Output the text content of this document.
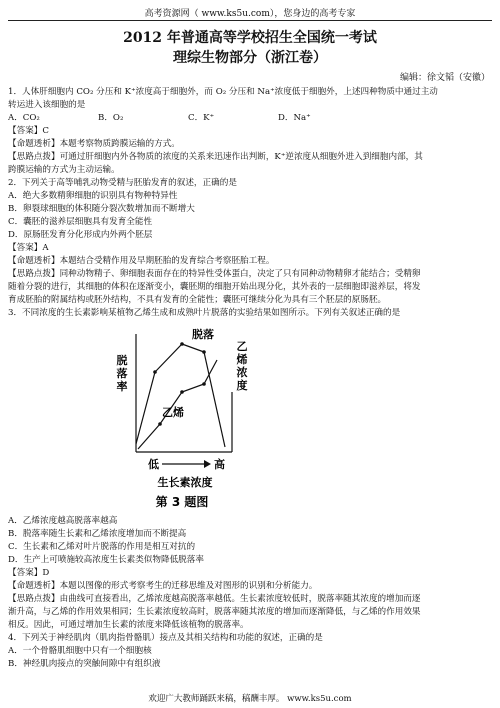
高考资源网（ www.ks5u.com），您身边的高考专家
2012 年普通高等学校招生全国统一考试
理综生物部分（浙江卷）
编辑：徐文韬（安徽）
1．人体肝细胞内 CO₂ 分压和 K⁺浓度高于细胞外，而 O₂ 分压和 Na⁺浓度低于细胞外，上述四种物质中通过主动
转运进入该细胞的是
A．CO₂	B．O₂	C．K⁺	D．Na⁺
【答案】C
【命题透析】本题考察物质跨膜运输的方式。
【思路点拨】可通过肝细胞内外各物质的浓度的关系来迅速作出判断，K⁺逆浓度从细胞外进入到细胞内部，其
跨膜运输的方式为主动运输。
2．下列关于高等哺乳动物受精与胚胎发育的叙述，正确的是
A．绝大多数精卵细胞的识别具有物种特异性
B．卵裂球细胞的体积随分裂次数增加而不断增大
C．囊胚的滋养层细胞具有发育全能性
D．原肠胚发育分化形成内外两个胚层
【答案】A
【命题透析】本题结合受精作用及早期胚胎的发育综合考察胚胎工程。
【思路点拨】同种动物精子、卵细胞表面存在的特异性受体蛋白，决定了只有同种动物精卵才能结合；受精卵
随着分裂的进行，其细胞的体积在逐渐变小，囊胚期的细胞开始出现分化，其外表的一层细胞即滋养层，将发
育成胚胎的附属结构或胚外结构，不具有发育的全能性；囊胚可继续分化为具有三个胚层的原肠胚。
3．不同浓度的生长素影响某植物乙烯生成和成熟叶片脱落的实验结果如图所示。下列有关叙述正确的是
脱
落
率
乙
烯
浓
度
脱落
乙烯
低	高
生长素浓度
第 3 题图
A．乙烯浓度越高脱落率越高
B．脱落率随生长素和乙烯浓度增加而不断提高
C．生长素和乙烯对叶片脱落的作用是相互对抗的
D．生产上可喷施较高浓度生长素类似物降低脱落率
【答案】D
【命题透析】本题以图像的形式考察考生的迁移思维及对图形的识别和分析能力。
【思路点拨】由曲线可直接看出，乙烯浓度越高脱落率越低。生长素浓度较低时，脱落率随其浓度的增加而逐
渐升高，与乙烯的作用效果相同；生长素浓度较高时，脱落率随其浓度的增加而逐渐降低，与乙烯的作用效果
相反。因此，可通过增加生长素的浓度来降低该植物的脱落率。
4．下列关于神经肌肉（肌肉指骨骼肌）接点及其相关结构和功能的叙述，正确的是
A．一个骨骼肌细胞中只有一个细胞核
B．神经肌肉接点的突触间隙中有组织液
欢迎广大教师踊跃来稿，稿酬丰厚。 www.ks5u.com
